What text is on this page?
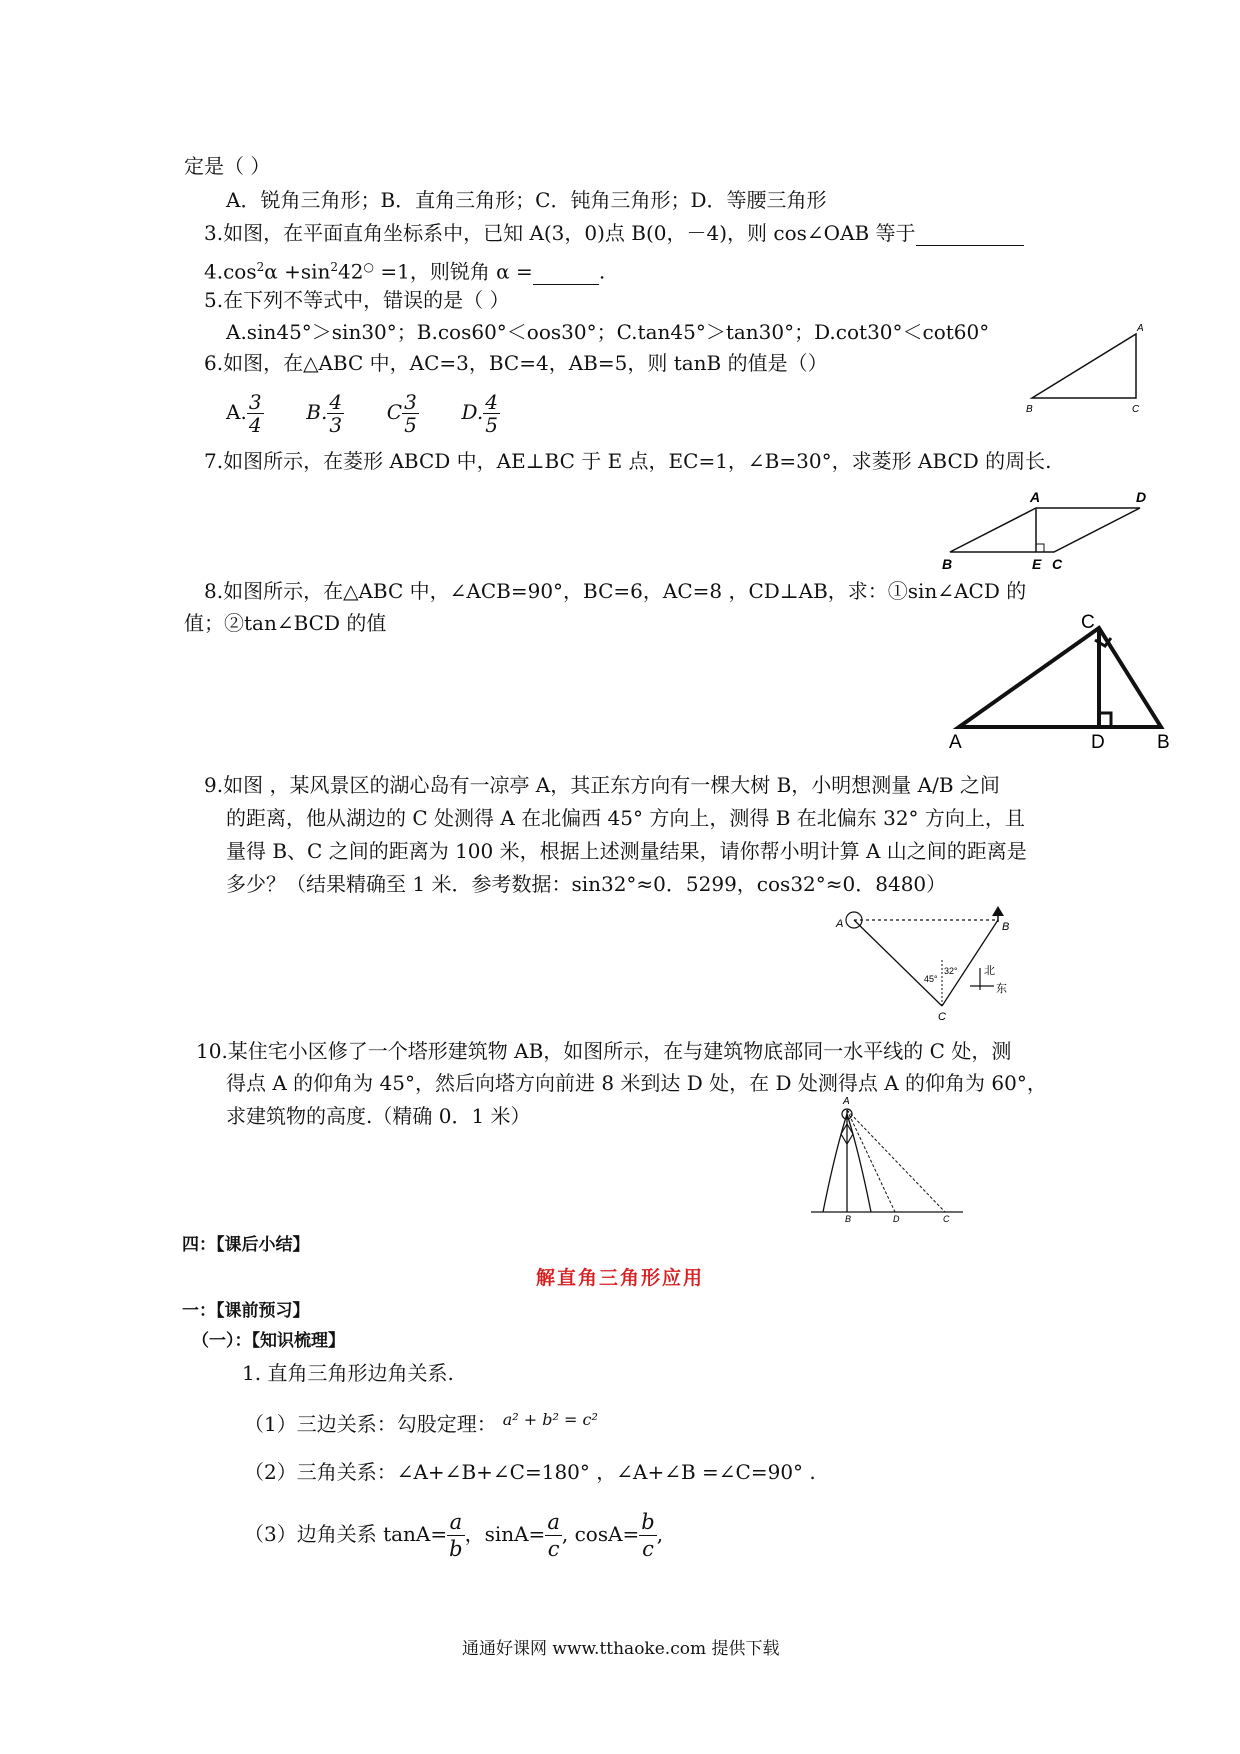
定是（ ）
A．锐角三角形；B．直角三角形；C．钝角三角形；D．等腰三角形
3.如图，在平面直角坐标系中，已知 A(3，0)点 B(0，－4)，则 cos∠OAB 等于
$4.\cos^2\alpha +\sin^242^○ =1$，则锐角 α =	.
5.在下列不等式中，错误的是（ ）
A.sin45°＞sin30°；B.cos60°＜oos30°；C.tan45°＞tan30°；D.cot30°＜cot60°
6.如图，在△ABC 中，AC=3，BC=4，AB=5，则 tanB 的值是（）
A. $\frac{3}{4} B$. $\frac{4}{3}$ C $\frac{3}{5} D$. $\frac{4}{5}$
A
B	C
7.如图所示，在菱形 ABCD 中，AE⊥BC 于 E 点，EC=1，∠B=30°，求菱形 ABCD 的周长.
A	D
B	E C
8.如图所示，在△ABC 中，∠ACB=90°，BC=6，AC=8 ，CD⊥AB，求：①sin∠ACD 的
值；②tan∠BCD 的值	C
A	D	B
9.如图 ，某风景区的湖心岛有一凉亭 A，其正东方向有一棵大树 B，小明想测量 A/B 之间
的距离，他从湖边的 C 处测得 A 在北偏西 45° 方向上，测得 B 在北偏东 32° 方向上，且
量得 B、C 之间的距离为 100 米，根据上述测量结果，请你帮小明计算 A 山之间的距离是
多少？（结果精确至 1 米．参考数据：sin32°≈0．5299，cos32°≈0．8480）
A	B
C
45°
32° 北
东
10.某住宅小区修了一个塔形建筑物 AB，如图所示，在与建筑物底部同一水平线的 C 处，测
得点 A 的仰角为 45°，然后向塔方向前进 8 米到达 D 处，在 D 处测得点 A 的仰角为 60°，
求建筑物的高度.（精确 0．1 米）
A
B	D	C
四：【课后小结】
解直角三角形应用
一：【课前预习】
（一）：【知识梳理】
1. 直角三角形边角关系.
（1）三边关系：勾股定理： $^{a^2 + b^2 = c^2}$
（2）三角关系：∠A+∠B+∠C=180° ，∠A+∠B =∠C=90° .
（3）边角关系 $\tan A= \frac{a}{b}$ ，$\sin A= \frac{a}{c}$ , $\cos A= \frac{b}{c}$ ,
通通好课网 www.tthaoke.com 提供下载
